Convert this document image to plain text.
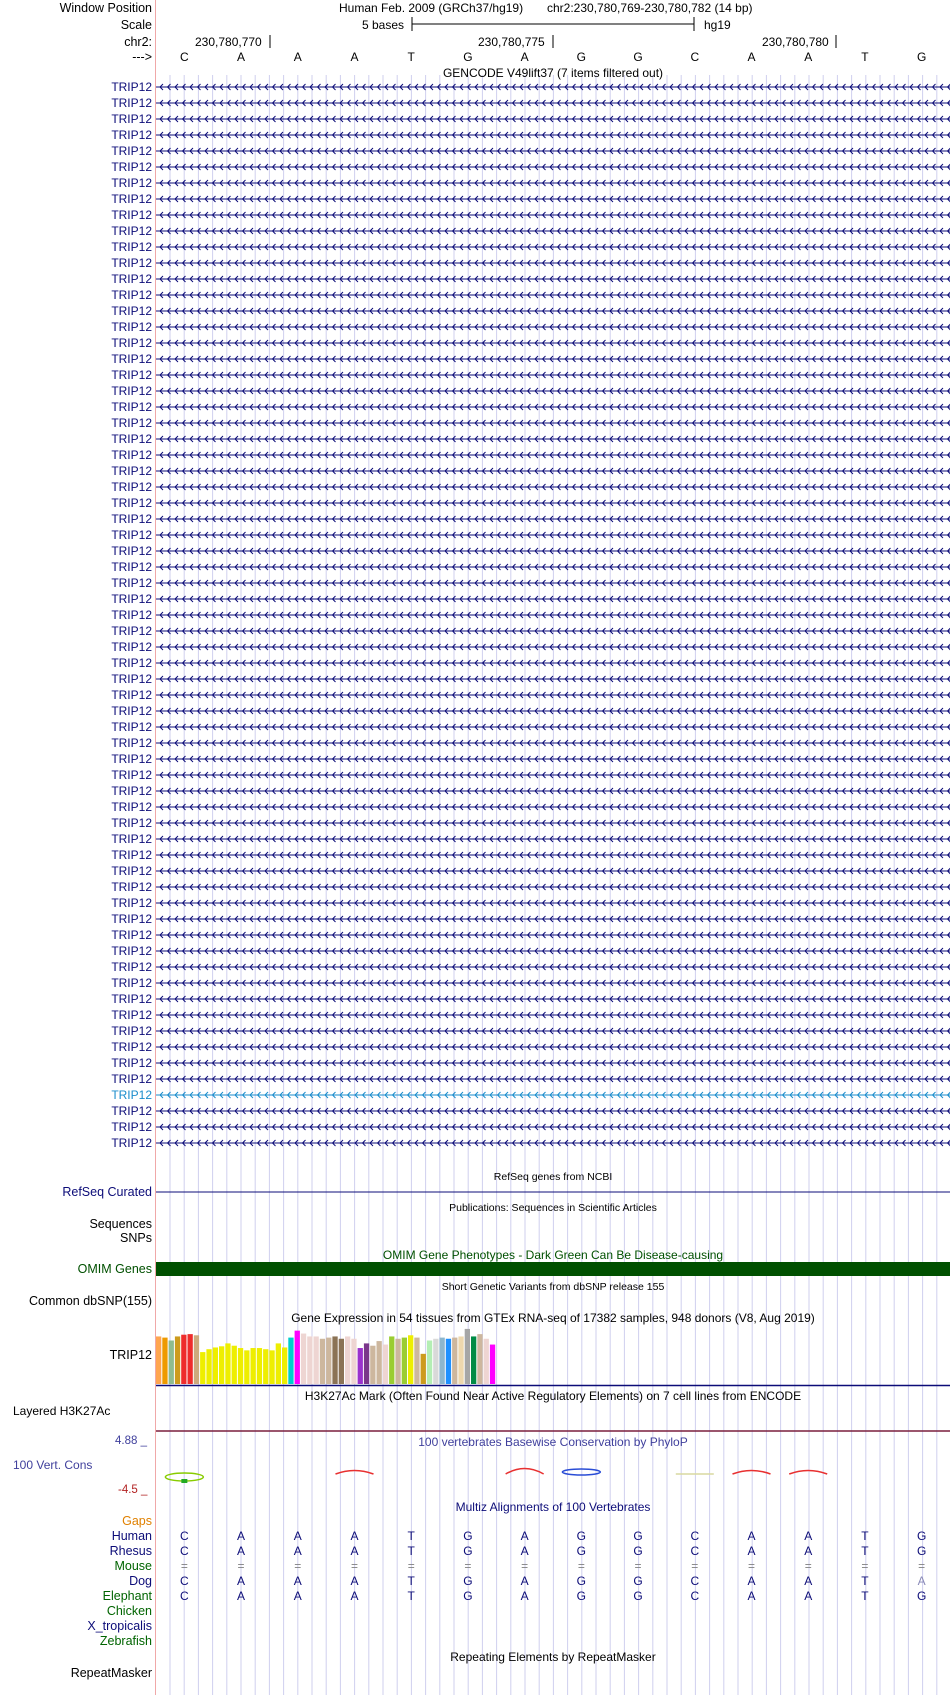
Window Position	Human Feb. 2009 (GRCh37/hg19) chr2:230,780,769-230,780,782 (14 bp)
Scale	5 bases	hg19
chr2:	230,780,770	230,780,775	230,780,780
---> C	A	A	A	T	G	A	G	G	C	A	A	T	G
GENCODE V49lift37 (7 items filtered out)
TRIP12
TRIP12
TRIP12
TRIP12
TRIP12
TRIP12
TRIP12
TRIP12
TRIP12
TRIP12
TRIP12
TRIP12
TRIP12
TRIP12
TRIP12
TRIP12
TRIP12
TRIP12
TRIP12
TRIP12
TRIP12
TRIP12
TRIP12
TRIP12
TRIP12
TRIP12
TRIP12
TRIP12
TRIP12
TRIP12
TRIP12
TRIP12
TRIP12
TRIP12
TRIP12
TRIP12
TRIP12
TRIP12
TRIP12
TRIP12
TRIP12
TRIP12
TRIP12
TRIP12
TRIP12
TRIP12
TRIP12
TRIP12
TRIP12
TRIP12
TRIP12
TRIP12
TRIP12
TRIP12
TRIP12
TRIP12
TRIP12
TRIP12
TRIP12
TRIP12
TRIP12
TRIP12
TRIP12
TRIP12
TRIP12
TRIP12
TRIP12
RefSeq genes from NCBI
RefSeq Curated
Publications: Sequences in Scientific Articles
Sequences
SNPs
OMIM Gene Phenotypes - Dark Green Can Be Disease-causing
OMIM Genes
Short Genetic Variants from dbSNP release 155
Common dbSNP(155)
Gene Expression in 54 tissues from GTEx RNA-seq of 17382 samples, 948 donors (V8, Aug 2019)
TRIP12
H3K27Ac Mark (Often Found Near Active Regulatory Elements) on 7 cell lines from ENCODE
Layered H3K27Ac
4.88 _	100 vertebrates Basewise Conservation by PhyloP
100 Vert. Cons
-4.5 _
Multiz Alignments of 100 Vertebrates
Gaps
Human C	A	A	A	T	G	A	G	G	C	A	A	T	G
Rhesus C	A	A	A	T	G	A	G	G	C	A	A	T	G
Mouse =	=	=	=	=	=	=	=	=	=	=	=	=	=
Dog C	A	A	A	T	G	A	G	G	C	A	A	T	A
Elephant C	A	A	A	T	G	A	G	G	C	A	A	T	G
Chicken
X_tropicalis
Zebrafish
Repeating Elements by RepeatMasker
RepeatMasker
